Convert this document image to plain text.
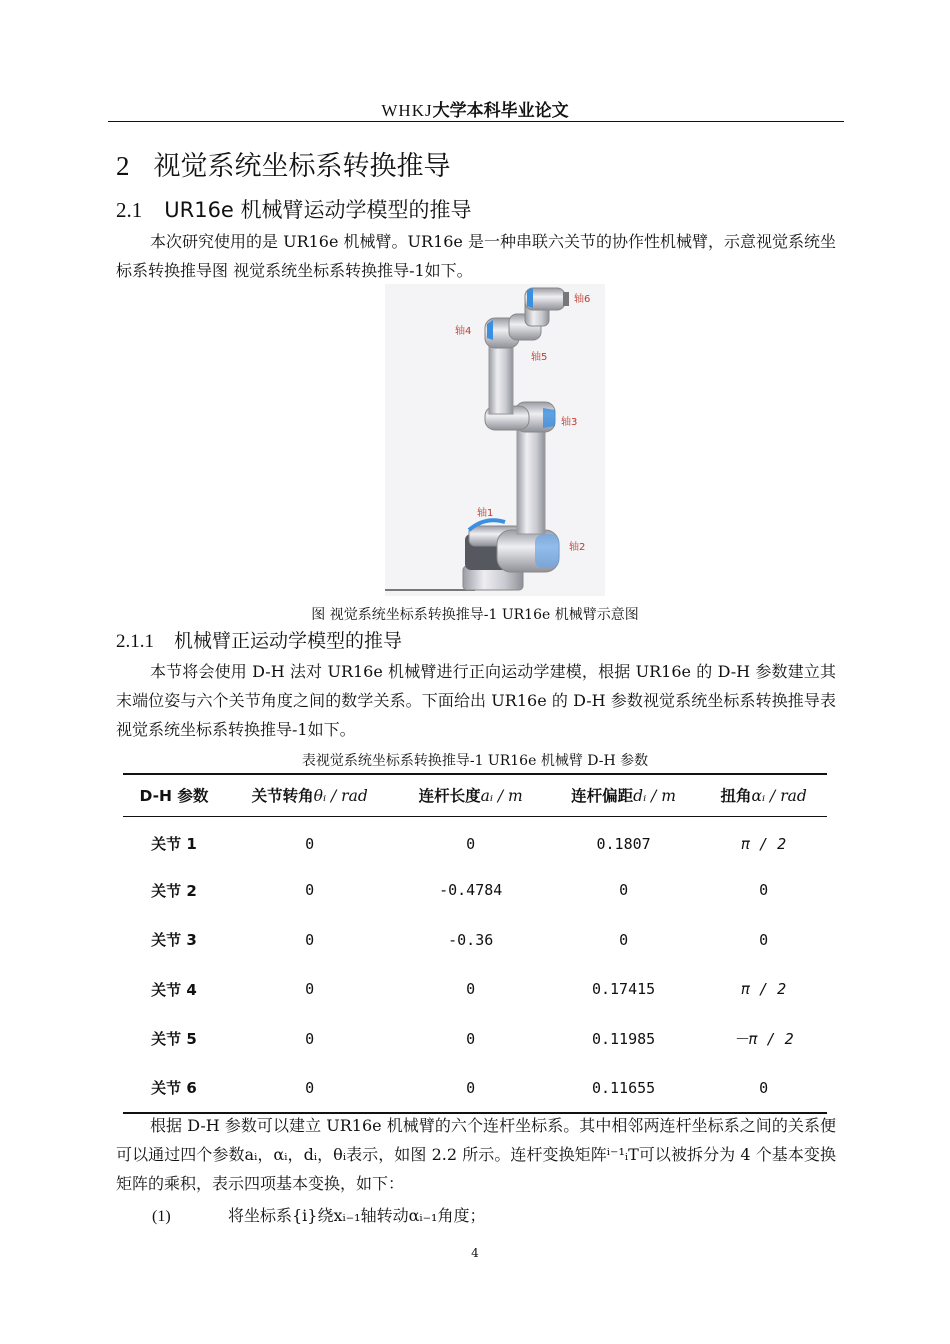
WHKJ大学本科毕业论文
2 视觉系统坐标系转换推导
2.1 UR16e 机械臂运动学模型的推导
本次研究使用的是 UR16e 机械臂。UR16e 是一种串联六关节的协作性机械臂，示意视觉系统坐标系转换推导图 视觉系统坐标系转换推导-1如下。
轴6
轴4
轴5
轴3
轴1
轴2
图 视觉系统坐标系转换推导-1 UR16e 机械臂示意图
2.1.1 机械臂正运动学模型的推导
本节将会使用 D-H 法对 UR16e 机械臂进行正向运动学建模，根据 UR16e 的 D-H 参数建立其末端位姿与六个关节角度之间的数学关系。下面给出 UR16e 的 D-H 参数视觉系统坐标系转换推导表视觉系统坐标系转换推导-1如下。
表视觉系统坐标系转换推导-1 UR16e 机械臂 D-H 参数
D-H 参数	关节转角θᵢ / rad	连杆长度aᵢ / m	连杆偏距dᵢ / m	扭角αᵢ / rad
关节 1	0	0	0.1807	π / 2
关节 2	0	-0.4784	0	0
关节 3	0	-0.36	0	0
关节 4	0	0	0.17415	π / 2
关节 5	0	0	0.11985	－π / 2
关节 6	0	0	0.11655	0
根据 D-H 参数可以建立 UR16e 机械臂的六个连杆坐标系。其中相邻两连杆坐标系之间的关系便可以通过四个参数aᵢ，αᵢ，dᵢ，θᵢ表示，如图 2.2 所示。连杆变换矩阵ⁱ⁻¹ᵢT可以被拆分为 4 个基本变换矩阵的乘积，表示四项基本变换，如下：
(1)	将坐标系{i}绕xᵢ₋₁轴转动αᵢ₋₁角度；
4
